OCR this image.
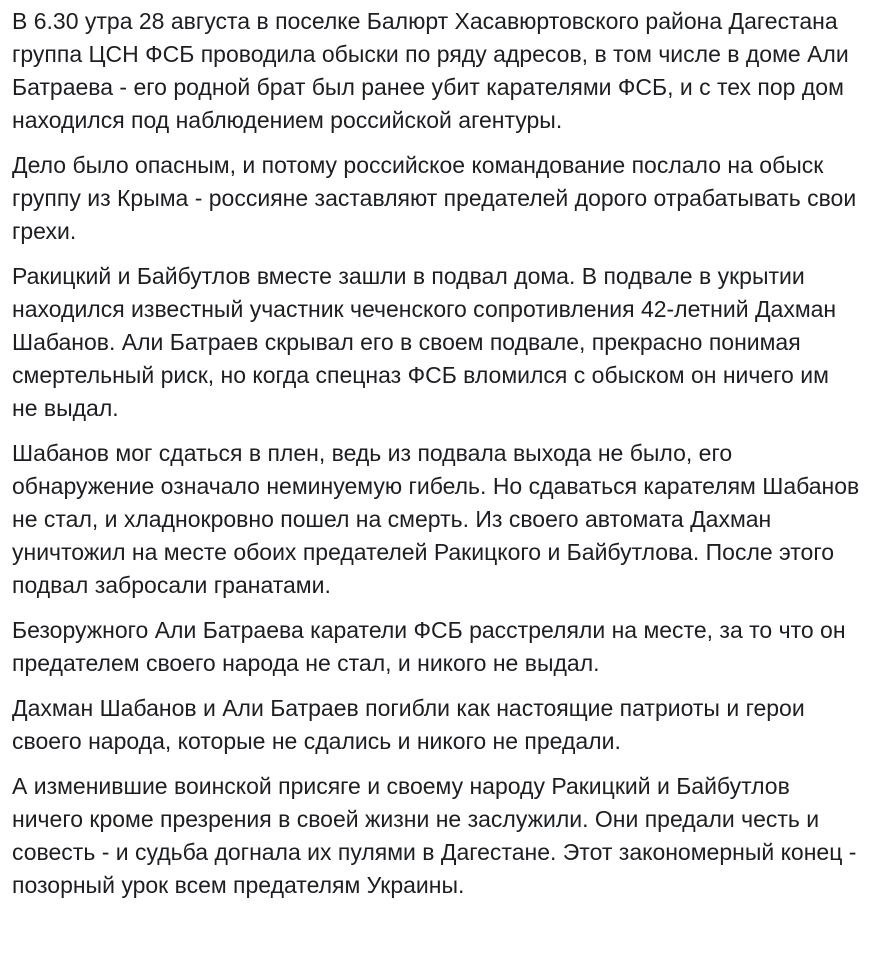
В 6.30 утра 28 августа в поселке Балюрт Хасавюртовского района Дагестана группа ЦСН ФСБ проводила обыски по ряду адресов, в том числе в доме Али Батраева - его родной брат был ранее убит карателями ФСБ, и с тех пор дом находился под наблюдением российской агентуры.

Дело было опасным, и потому российское командование послало на обыск группу из Крыма - россияне заставляют предателей дорого отрабатывать свои грехи.

Ракицкий и Байбутлов вместе зашли в подвал дома. В подвале в укрытии находился известный участник чеченского сопротивления 42-летний Дахман Шабанов. Али Батраев скрывал его в своем подвале, прекрасно понимая смертельный риск, но когда спецназ ФСБ вломился с обыском он ничего им не выдал.

Шабанов мог сдаться в плен, ведь из подвала выхода не было, его обнаружение означало неминуемую гибель. Но сдаваться карателям Шабанов не стал, и хладнокровно пошел на смерть. Из своего автомата Дахман уничтожил на месте обоих предателей Ракицкого и Байбутлова. После этого подвал забросали гранатами.

Безоружного Али Батраева каратели ФСБ расстреляли на месте, за то что он предателем своего народа не стал, и никого не выдал.

Дахман Шабанов и Али Батраев погибли как настоящие патриоты и герои своего народа, которые не сдались и никого не предали.

А изменившие воинской присяге и своему народу Ракицкий и Байбутлов ничего кроме презрения в своей жизни не заслужили. Они предали честь и совесть - и судьба догнала их пулями в Дагестане. Этот закономерный конец - позорный урок всем предателям Украины.
